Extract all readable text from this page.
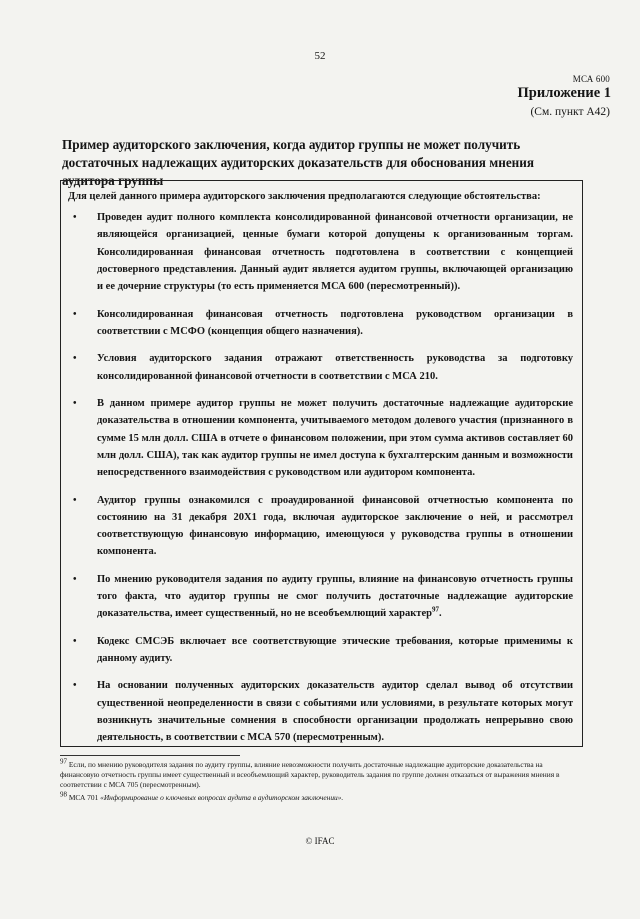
52
МСА 600
Приложение 1
(См. пункт A42)
Пример аудиторского заключения, когда аудитор группы не может получить достаточных надлежащих аудиторских доказательств для обоснования мнения аудитора группы

Для целей данного примера аудиторского заключения предполагаются следующие обстоятельства:

• Проведен аудит полного комплекта консолидированной финансовой отчетности организации, не являющейся организацией, ценные бумаги которой допущены к организованным торгам. Консолидированная финансовая отчетность подготовлена в соответствии с концепцией достоверного представления. Данный аудит является аудитом группы, включающей организацию и ее дочерние структуры (то есть применяется МСА 600 (пересмотренный)).
• Консолидированная финансовая отчетность подготовлена руководством организации в соответствии с МСФО (концепция общего назначения).
• Условия аудиторского задания отражают ответственность руководства за подготовку консолидированной финансовой отчетности в соответствии с МСА 210.
• В данном примере аудитор группы не может получить достаточные надлежащие аудиторские доказательства в отношении компонента, учитываемого методом долевого участия (признанного в сумме 15 млн долл. США в отчете о финансовом положении, при этом сумма активов составляет 60 млн долл. США), так как аудитор группы не имел доступа к бухгалтерским данным и возможности непосредственного взаимодействия с руководством или аудитором компонента.
• Аудитор группы ознакомился с проаудированной финансовой отчетностью компонента по состоянию на 31 декабря 20X1 года, включая аудиторское заключение о ней, и рассмотрел соответствующую финансовую информацию, имеющуюся у руководства группы в отношении компонента.
• По мнению руководителя задания по аудиту группы, влияние на финансовую отчетность группы того факта, что аудитор группы не смог получить достаточные надлежащие аудиторские доказательства, имеет существенный, но не всеобъемлющий характер$^{97}$.
• Кодекс СМСЭБ включает все соответствующие этические требования, которые применимы к данному аудиту.
• На основании полученных аудиторских доказательств аудитор сделал вывод об отсутствии существенной неопределенности в связи с событиями или условиями, в результате которых могут возникнуть значительные сомнения в способности организации продолжать непрерывно свою деятельность, в соответствии с МСА 570 (пересмотренным).

$^{97}$ Если, по мнению руководителя задания по аудиту группы, влияние невозможности получить достаточные надлежащие аудиторские доказательства на финансовую отчетность группы имеет существенный и всеобъемлющий характер, руководитель задания по группе должен отказаться от выражения мнения в соответствии с МСА 705 (пересмотренным).

$^{98}$ МСА 701 «Информирование о ключевых вопросах аудита в аудиторском заключении».

© IFAC
